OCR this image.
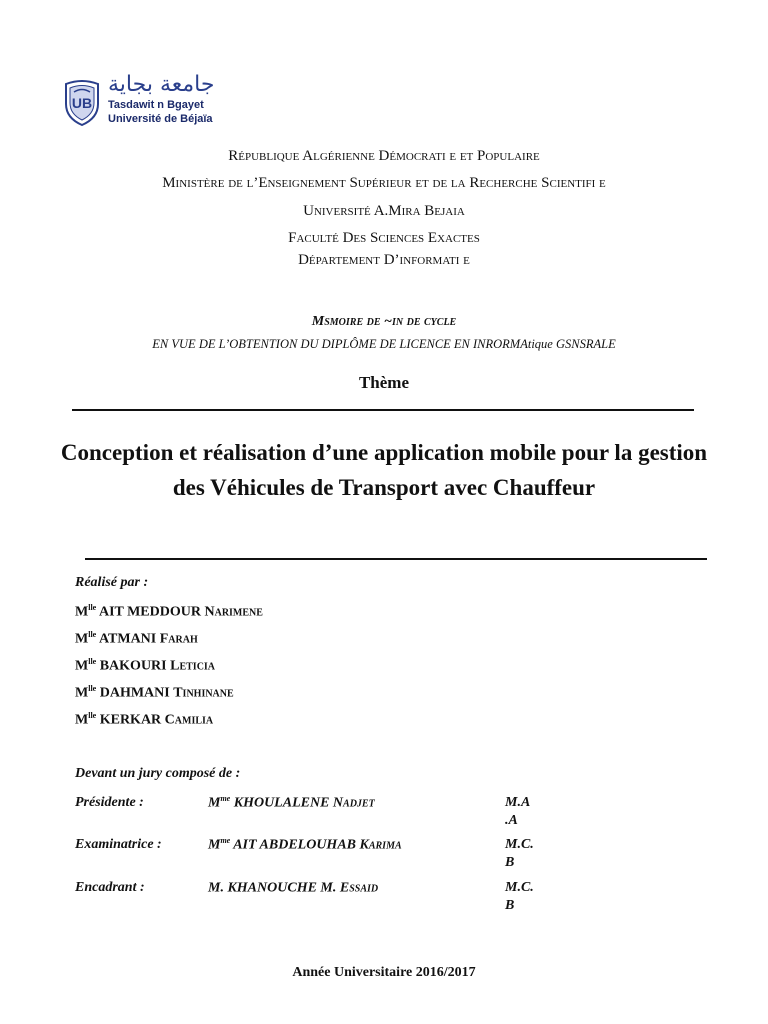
UB
جامعة بجاية
Tasdawit n Bgayet
Université de Béjaïa
République Algérienne Démocrati e et Populaire
Ministère de l’Enseignement Supérieur et de la Recherche Scientifi e
Université A.Mira Bejaia
Faculté Des Sciences Exactes
Département D’informati e
Msmoire de ~in de cycle
EN VUE DE L’OBTENTION DU DIPLÔME DE LICENCE EN INRORMAtique GSNSRALE
Thème
Conception et réalisation d’une application mobile pour la gestion des Véhicules de Transport avec Chauffeur
Réalisé par :
$M^{lle}$ AIT MEDDOUR Narimene
$M^{lle}$ ATMANI Farah
$M^{lle}$ BAKOURI Leticia
$M^{lle}$ DAHMANI Tinhinane
$M^{lle}$ KERKAR Camilia
Devant un jury composé de :
Présidente :	$M^{me}$ KHOULALENE Nadjet	M.A .A
Examinatrice :	$M^{me}$ AIT ABDELOUHAB Karima	M.C. B
Encadrant :	M. KHANOUCHE M. Essaid	M.C. B
Année Universitaire 2016/2017
